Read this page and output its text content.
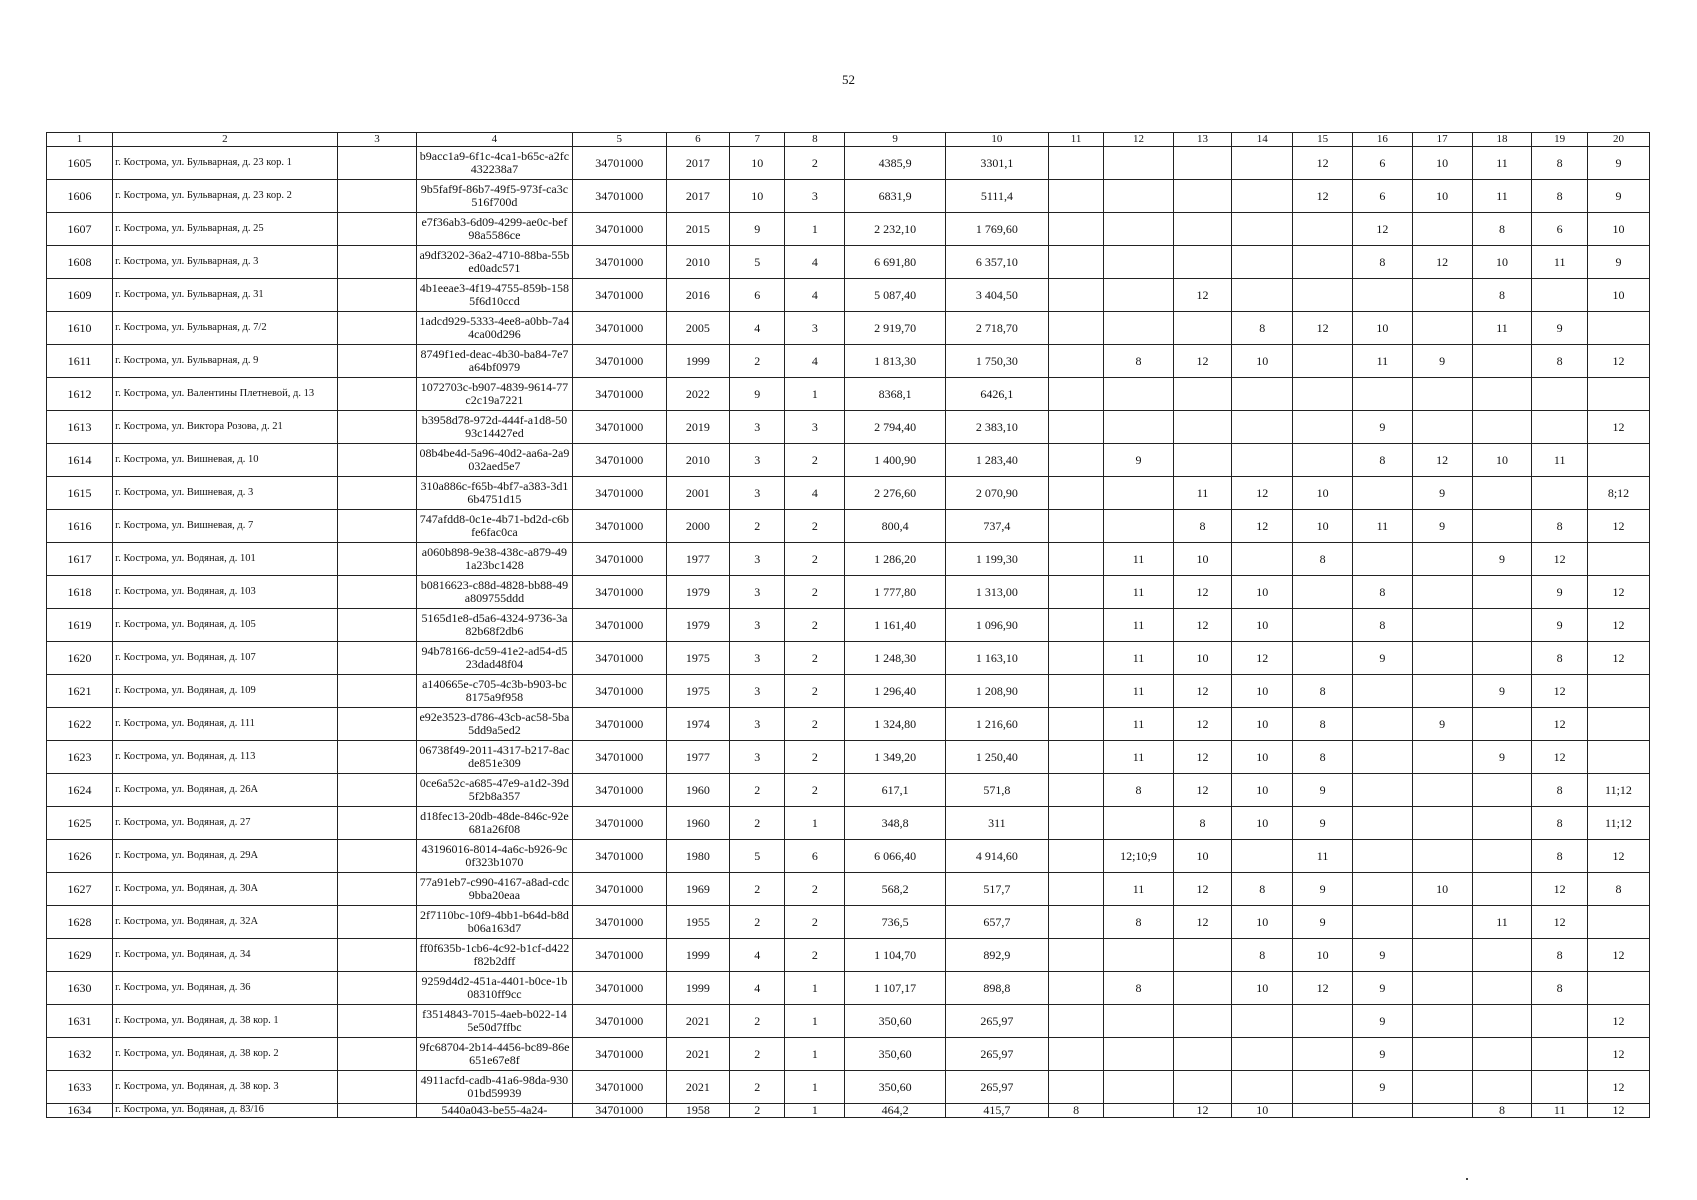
52
1	2	3	4	5	6	7	8	9	10	11	12	13	14	15	16	17	18	19	20
1605	г. Кострома, ул. Бульварная, д. 23 кор. 1		b9acc1a9-6f1c-4ca1-b65c-a2fc432238a7	34701000	2017	10	2	4385,9	3301,1					12	6	10	11	8	9
1606	г. Кострома, ул. Бульварная, д. 23 кор. 2		9b5faf9f-86b7-49f5-973f-ca3c516f700d	34701000	2017	10	3	6831,9	5111,4					12	6	10	11	8	9
1607	г. Кострома, ул. Бульварная, д. 25		e7f36ab3-6d09-4299-ae0c-bef98a5586ce	34701000	2015	9	1	2 232,10	1 769,60						12		8	6	10
1608	г. Кострома, ул. Бульварная, д. 3		a9df3202-36a2-4710-88ba-55bed0adc571	34701000	2010	5	4	6 691,80	6 357,10						8	12	10	11	9
1609	г. Кострома, ул. Бульварная, д. 31		4b1eeae3-4f19-4755-859b-1585f6d10ccd	34701000	2016	6	4	5 087,40	3 404,50			12					8		10
1610	г. Кострома, ул. Бульварная, д. 7/2		1adcd929-5333-4ee8-a0bb-7a44ca00d296	34701000	2005	4	3	2 919,70	2 718,70				8	12	10		11	9	
1611	г. Кострома, ул. Бульварная, д. 9		8749f1ed-deac-4b30-ba84-7e7a64bf0979	34701000	1999	2	4	1 813,30	1 750,30		8	12	10		11	9		8	12
1612	г. Кострома, ул. Валентины Плетневой, д. 13		1072703c-b907-4839-9614-77c2c19a7221	34701000	2022	9	1	8368,1	6426,1										
1613	г. Кострома, ул. Виктора Розова, д. 21		b3958d78-972d-444f-a1d8-5093c14427ed	34701000	2019	3	3	2 794,40	2 383,10						9				12
1614	г. Кострома, ул. Вишневая, д. 10		08b4be4d-5a96-40d2-aa6a-2a9032aed5e7	34701000	2010	3	2	1 400,90	1 283,40		9				8	12	10	11	
1615	г. Кострома, ул. Вишневая, д. 3		310a886c-f65b-4bf7-a383-3d16b4751d15	34701000	2001	3	4	2 276,60	2 070,90			11	12	10		9			8;12
1616	г. Кострома, ул. Вишневая, д. 7		747afdd8-0c1e-4b71-bd2d-c6bfe6fac0ca	34701000	2000	2	2	800,4	737,4			8	12	10	11	9		8	12
1617	г. Кострома, ул. Водяная, д. 101		a060b898-9e38-438c-a879-491a23bc1428	34701000	1977	3	2	1 286,20	1 199,30		11	10		8			9	12	
1618	г. Кострома, ул. Водяная, д. 103		b0816623-c88d-4828-bb88-49a809755ddd	34701000	1979	3	2	1 777,80	1 313,00		11	12	10		8			9	12
1619	г. Кострома, ул. Водяная, д. 105		5165d1e8-d5a6-4324-9736-3a82b68f2db6	34701000	1979	3	2	1 161,40	1 096,90		11	12	10		8			9	12
1620	г. Кострома, ул. Водяная, д. 107		94b78166-dc59-41e2-ad54-d523dad48f04	34701000	1975	3	2	1 248,30	1 163,10		11	10	12		9			8	12
1621	г. Кострома, ул. Водяная, д. 109		a140665e-c705-4c3b-b903-bc8175a9f958	34701000	1975	3	2	1 296,40	1 208,90		11	12	10	8			9	12	
1622	г. Кострома, ул. Водяная, д. 111		e92e3523-d786-43cb-ac58-5ba5dd9a5ed2	34701000	1974	3	2	1 324,80	1 216,60		11	12	10	8		9		12	
1623	г. Кострома, ул. Водяная, д. 113		06738f49-2011-4317-b217-8acde851e309	34701000	1977	3	2	1 349,20	1 250,40		11	12	10	8			9	12	
1624	г. Кострома, ул. Водяная, д. 26А		0ce6a52c-a685-47e9-a1d2-39d5f2b8a357	34701000	1960	2	2	617,1	571,8		8	12	10	9				8	11;12
1625	г. Кострома, ул. Водяная, д. 27		d18fec13-20db-48de-846c-92e681a26f08	34701000	1960	2	1	348,8	311			8	10	9				8	11;12
1626	г. Кострома, ул. Водяная, д. 29А		43196016-8014-4a6c-b926-9c0f323b1070	34701000	1980	5	6	6 066,40	4 914,60		12;10;9	10		11				8	12
1627	г. Кострома, ул. Водяная, д. 30А		77a91eb7-c990-4167-a8ad-cdc9bba20eaa	34701000	1969	2	2	568,2	517,7		11	12	8	9		10		12	8
1628	г. Кострома, ул. Водяная, д. 32А		2f7110bc-10f9-4bb1-b64d-b8db06a163d7	34701000	1955	2	2	736,5	657,7		8	12	10	9			11	12	
1629	г. Кострома, ул. Водяная, д. 34		ff0f635b-1cb6-4c92-b1cf-d422f82b2dff	34701000	1999	4	2	1 104,70	892,9				8	10	9			8	12
1630	г. Кострома, ул. Водяная, д. 36		9259d4d2-451a-4401-b0ce-1b08310ff9cc	34701000	1999	4	1	1 107,17	898,8		8		10	12	9			8	
1631	г. Кострома, ул. Водяная, д. 38 кор. 1		f3514843-7015-4aeb-b022-145e50d7ffbc	34701000	2021	2	1	350,60	265,97						9				12
1632	г. Кострома, ул. Водяная, д. 38 кор. 2		9fc68704-2b14-4456-bc89-86e651e67e8f	34701000	2021	2	1	350,60	265,97						9				12
1633	г. Кострома, ул. Водяная, д. 38 кор. 3		4911acfd-cadb-41a6-98da-93001bd59939	34701000	2021	2	1	350,60	265,97						9				12
1634	г. Кострома, ул. Водяная, д. 83/16		5440a043-be55-4a24-	34701000	1958	2	1	464,2	415,7	8		12	10				8	11	12
